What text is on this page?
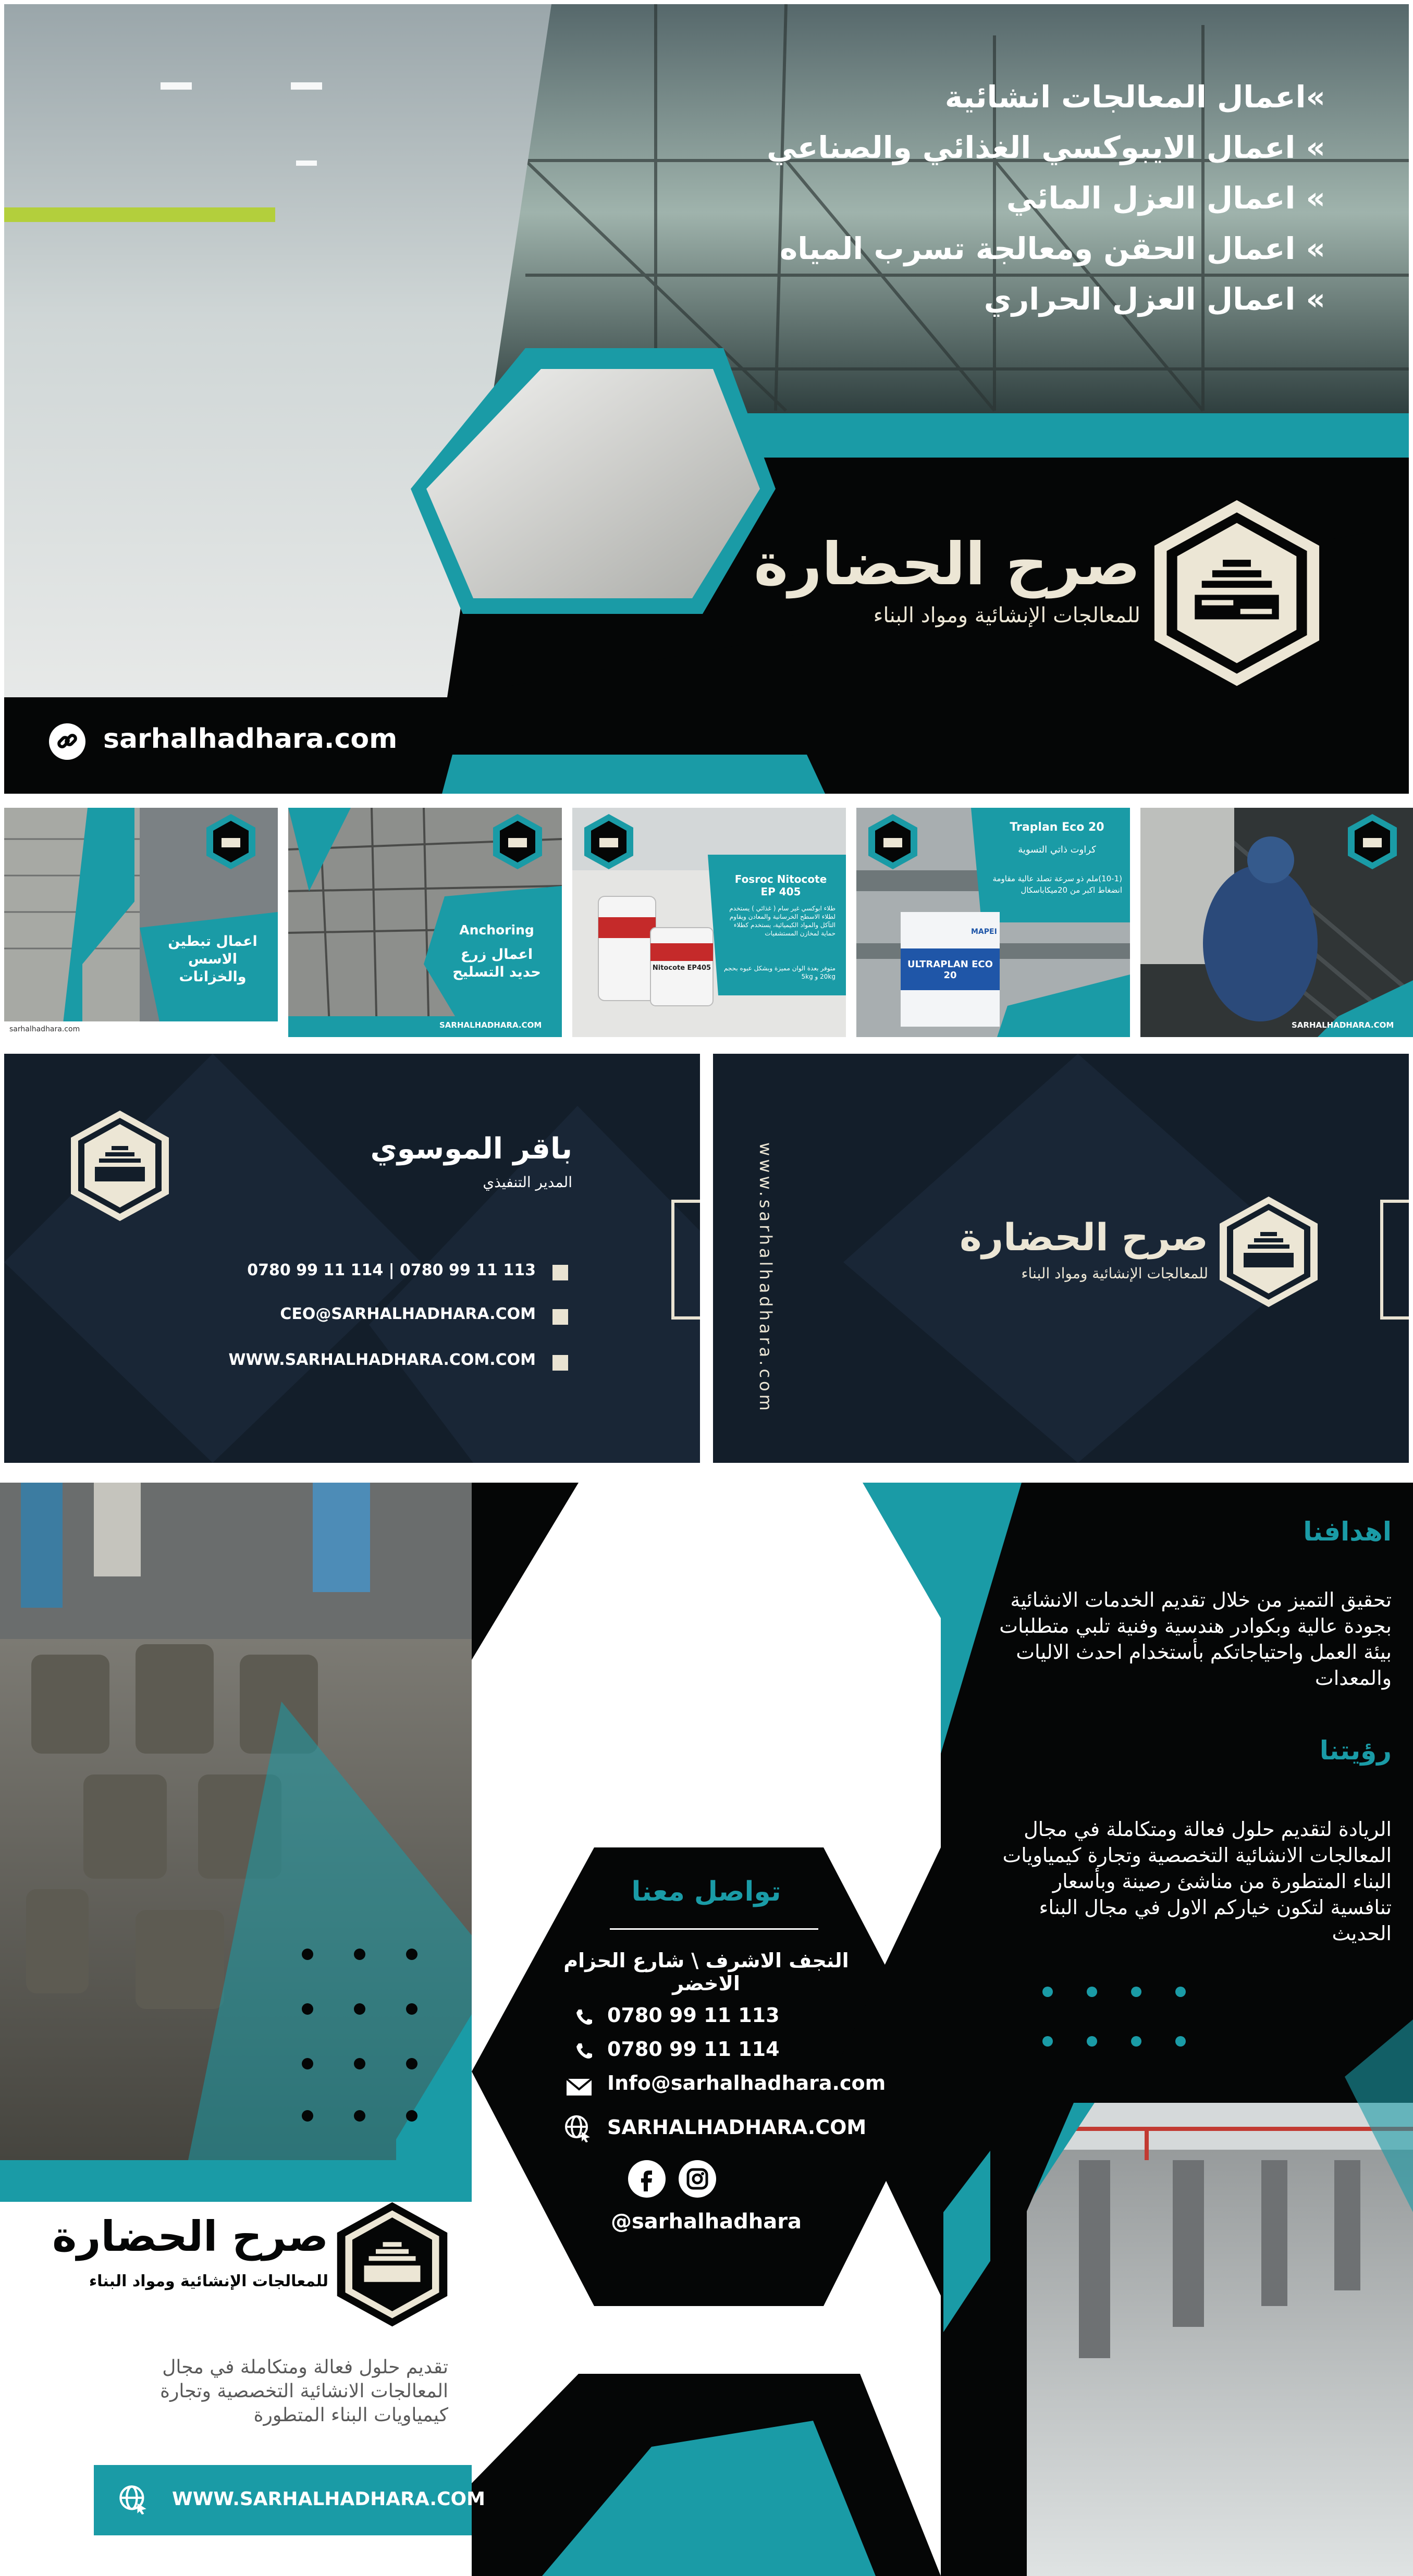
»اعمال المعالجات انشائية
» اعمال الايبوكسي الغذائي والصناعي
» اعمال العزل المائي
» اعمال الحقن ومعالجة تسرب المياه
» اعمال العزل الحراري
صرح الحضارة
للمعالجات الإنشائية ومواد البناء
sarhalhadhara.com
اعمال تبطين الاسس والخزانات
sarhalhadhara.com
Anchoring
اعمال زرع حديد التسليح
SARHALHADHARA.COM
Fosroc Nitocote EP 405
طلاء ابوكسي غير سام ( غذائي ) يستخدم لطلاء الاسطح الخرسانية والمعادن ويقاوم التآكل والمواد الكيميائية، يستخدم كطلاء حماية لمخازن المستشفيات
متوفر بعدة الوان مميزة وبشكل عبوه بحجم 20kg و 5kg
Nitocote EP405
Traplan Eco 20
كراوت ذاتي التسوية
(10-1)ملم ذو سرعة تصلد عالية مقاومة انضغاط اكبر من 20ميكاباسكال
ULTRAPLAN ECO 20
MAPEI
SARHALHADHARA.COM
باقر الموسوي
المدير التنفيذي
0780 99 11 114 | 0780 99 11 113
CEO@SARHALHADHARA.COM
WWW.SARHALHADHARA.COM.COM	www.sarhalhadhara.com	صرح الحضارة
للمعالجات الإنشائية ومواد البناء
اهدافنا
تحقيق التميز من خلال تقديم الخدمات الانشائية بجودة عالية وبكوادر هندسية وفنية تلبي متطلبات بيئة العمل واحتياجاتكم بأستخدام احدث الاليات والمعدات
رؤيتنا
الريادة لتقديم حلول فعالة ومتكاملة في مجال المعالجات الانشائية التخصصية وتجارة كيمياويات البناء المتطورة من مناشئ رصينة وبأسعار تنافسية لتكون خياركم الاول في مجال البناء الحديث
تواصل معنا
النجف الاشرف \ شارع الحزام الاخضر
0780 99 11 113
0780 99 11 114
Info@sarhalhadhara.com
SARHALHADHARA.COM
@sarhalhadhara
صرح الحضارة
للمعالجات الإنشائية ومواد البناء
تقديم حلول فعالة ومتكاملة في مجال المعالجات الانشائية التخصصية وتجارة كيمياويات البناء المتطورة
WWW.SARHALHADHARA.COM
